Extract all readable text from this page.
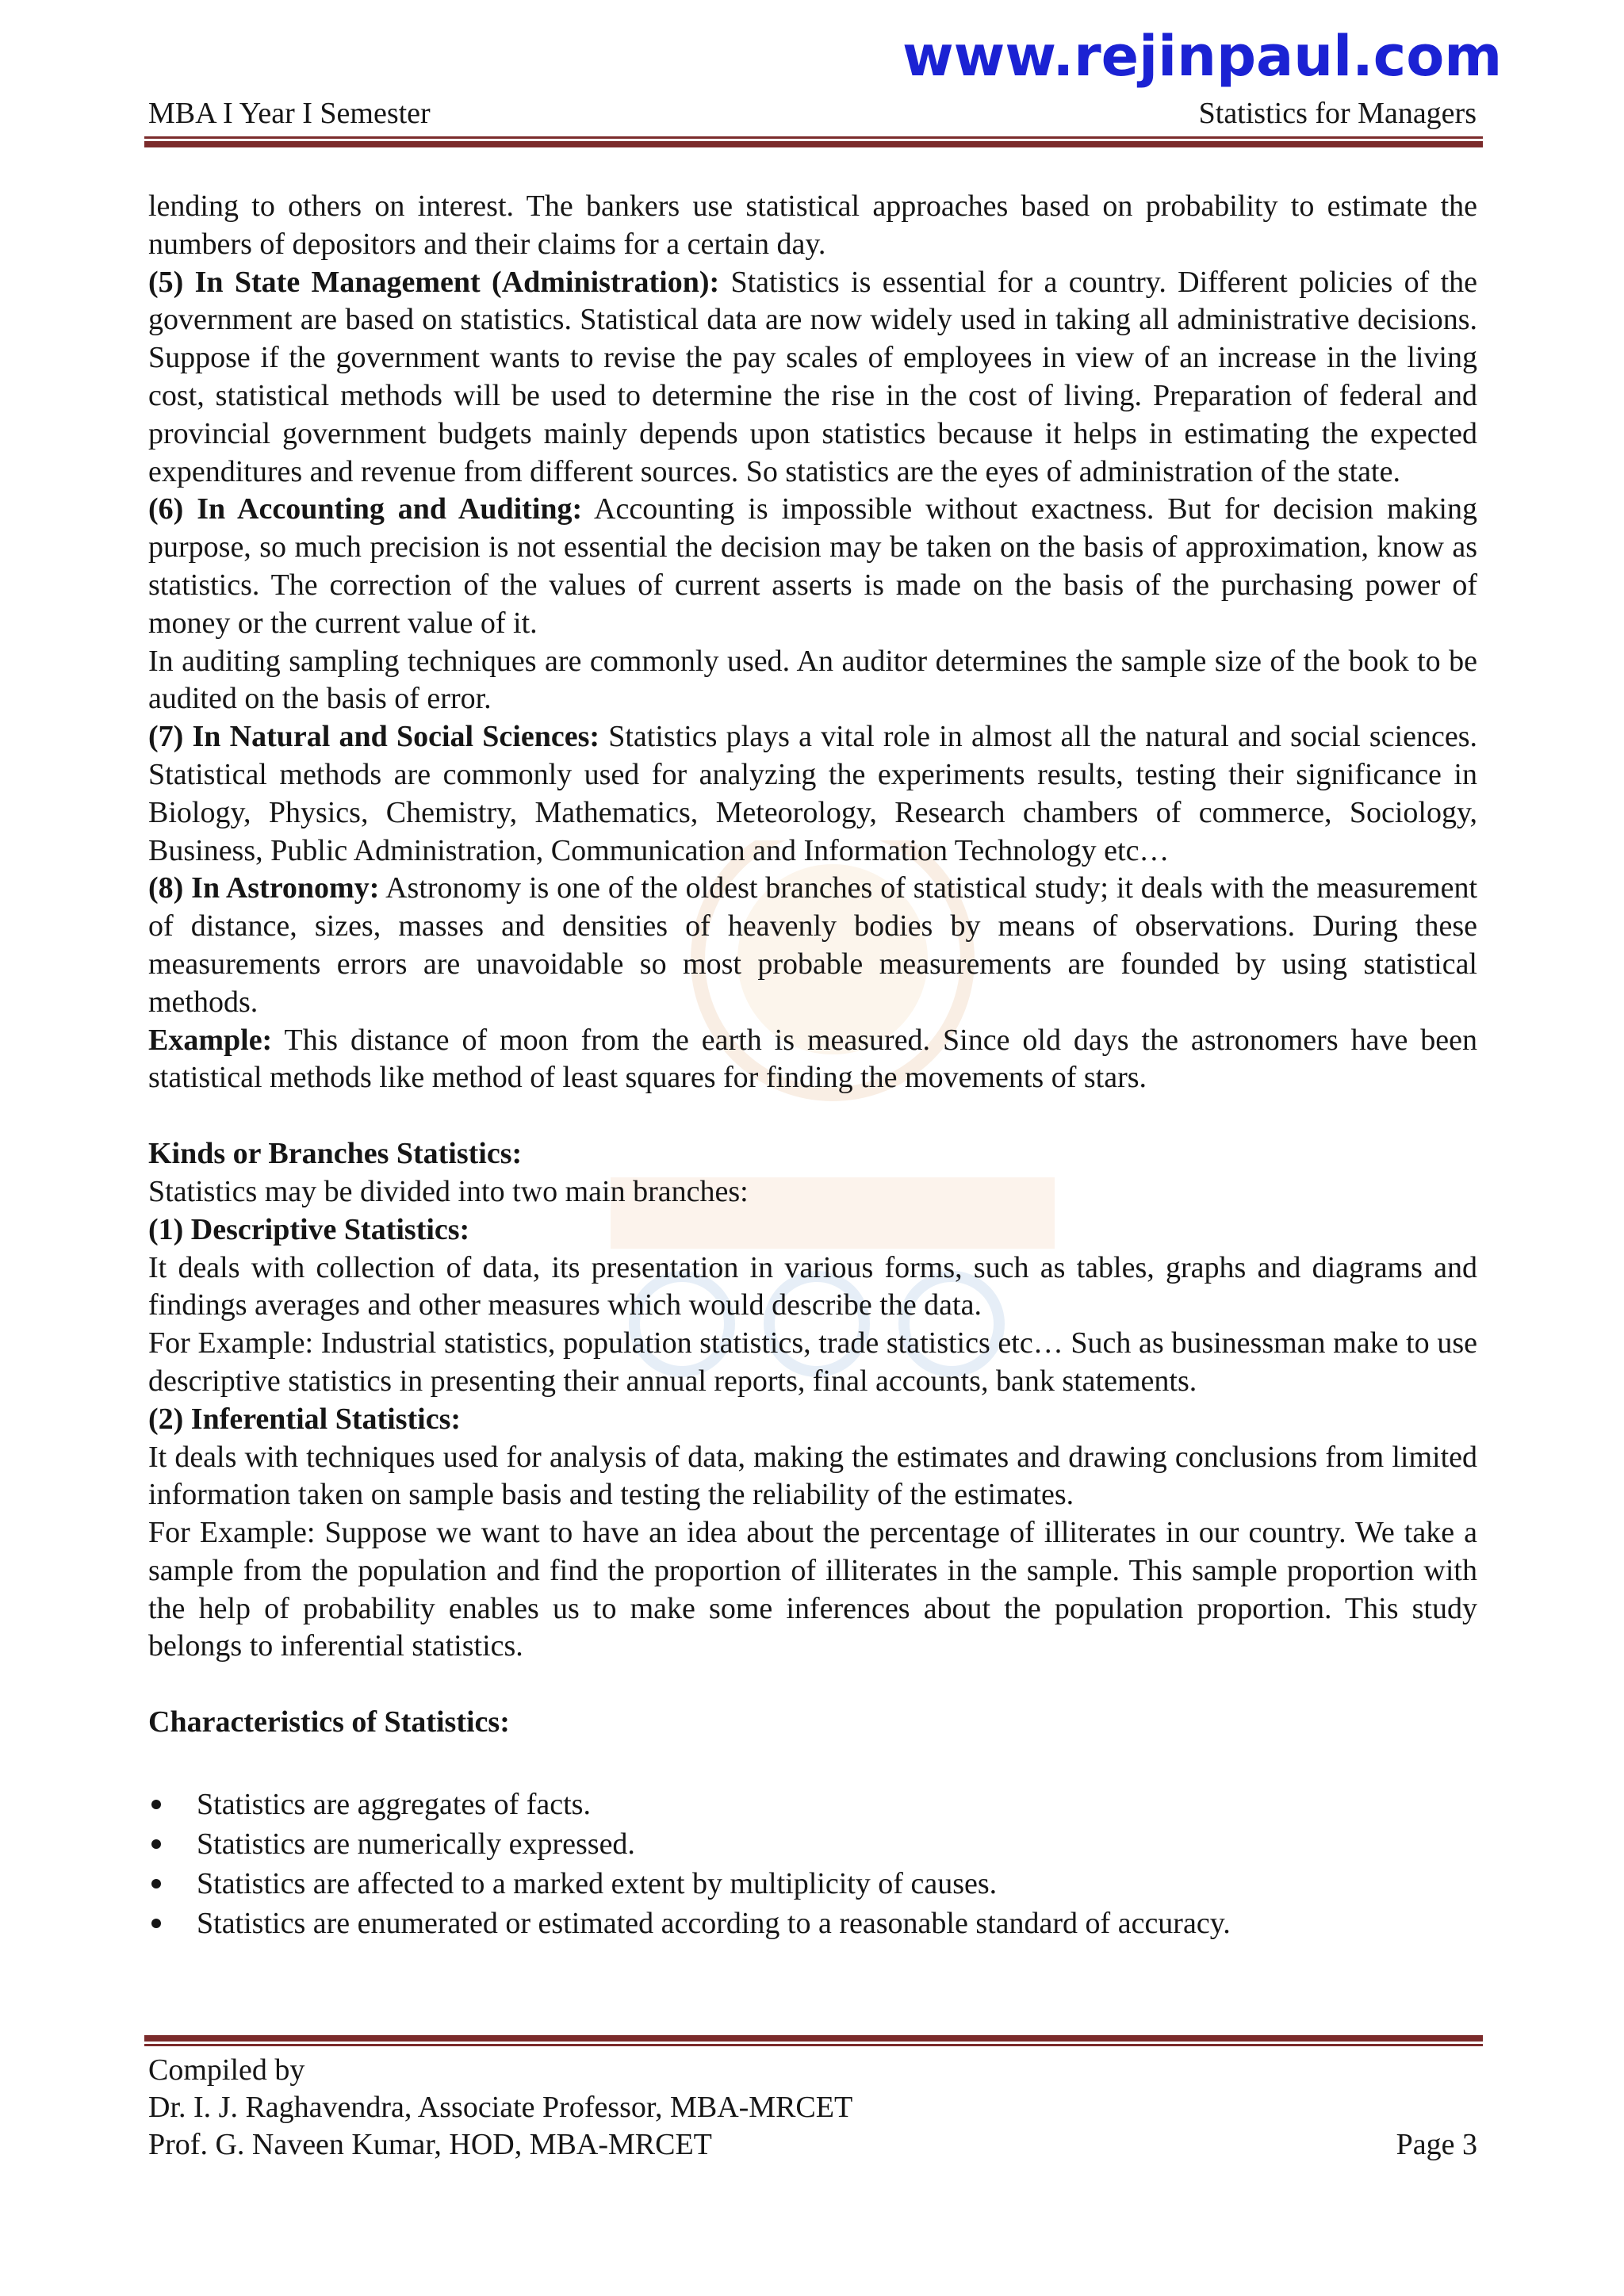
www.rejinpaul.com
MBA I Year I Semester	Statistics for Managers

lending to others on interest. The bankers use statistical approaches based on probability to estimate the numbers of depositors and their claims for a certain day.

(5) In State Management (Administration): Statistics is essential for a country. Different policies of the government are based on statistics. Statistical data are now widely used in taking all administrative decisions. Suppose if the government wants to revise the pay scales of employees in view of an increase in the living cost, statistical methods will be used to determine the rise in the cost of living. Preparation of federal and provincial government budgets mainly depends upon statistics because it helps in estimating the expected expenditures and revenue from different sources. So statistics are the eyes of administration of the state.

(6) In Accounting and Auditing: Accounting is impossible without exactness. But for decision making purpose, so much precision is not essential the decision may be taken on the basis of approximation, know as statistics. The correction of the values of current asserts is made on the basis of the purchasing power of money or the current value of it.

In auditing sampling techniques are commonly used. An auditor determines the sample size of the book to be audited on the basis of error.

(7) In Natural and Social Sciences: Statistics plays a vital role in almost all the natural and social sciences. Statistical methods are commonly used for analyzing the experiments results, testing their significance in Biology, Physics, Chemistry, Mathematics, Meteorology, Research chambers of commerce, Sociology, Business, Public Administration, Communication and Information Technology etc…

(8) In Astronomy: Astronomy is one of the oldest branches of statistical study; it deals with the measurement of distance, sizes, masses and densities of heavenly bodies by means of observations. During these measurements errors are unavoidable so most probable measurements are founded by using statistical methods.

Example: This distance of moon from the earth is measured. Since old days the astronomers have been statistical methods like method of least squares for finding the movements of stars.

Kinds or Branches Statistics:

Statistics may be divided into two main branches:

(1) Descriptive Statistics:

It deals with collection of data, its presentation in various forms, such as tables, graphs and diagrams and findings averages and other measures which would describe the data.

For Example: Industrial statistics, population statistics, trade statistics etc… Such as businessman make to use descriptive statistics in presenting their annual reports, final accounts, bank statements.

(2) Inferential Statistics:

It deals with techniques used for analysis of data, making the estimates and drawing conclusions from limited information taken on sample basis and testing the reliability of the estimates.

For Example: Suppose we want to have an idea about the percentage of illiterates in our country. We take a sample from the population and find the proportion of illiterates in the sample. This sample proportion with the help of probability enables us to make some inferences about the population proportion. This study belongs to inferential statistics.

Characteristics of Statistics:

Statistics are aggregates of facts.
Statistics are numerically expressed.
Statistics are affected to a marked extent by multiplicity of causes.
Statistics are enumerated or estimated according to a reasonable standard of accuracy.
Compiled by
Dr. I. J. Raghavendra, Associate Professor, MBA-MRCET
Prof. G. Naveen Kumar, HOD, MBA-MRCET	Page 3
